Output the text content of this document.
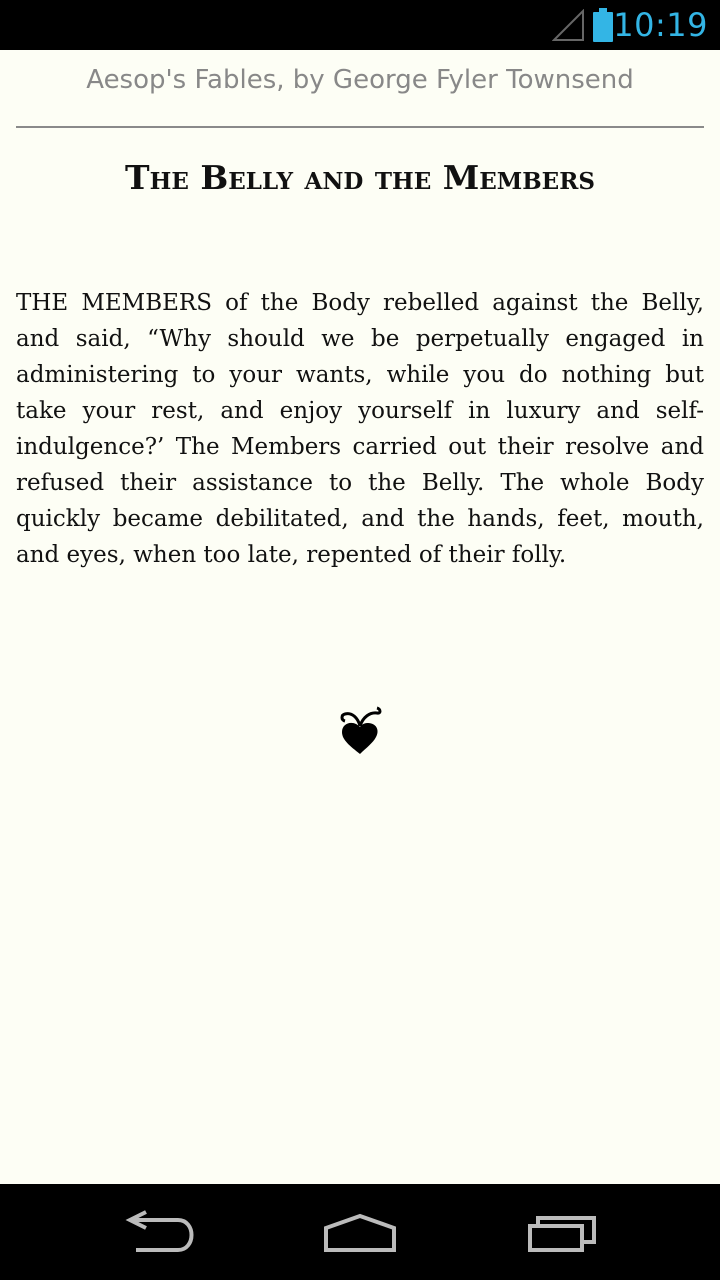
10:19
Aesop's Fables, by George Fyler Townsend
The Belly and the Members

THE MEMBERS of the Body rebelled against the Belly, and said, “Why should we be perpetually engaged in administering to your wants, while you do nothing but take your rest, and enjoy yourself in luxury and self-indulgence?’ The Members carried out their resolve and refused their assistance to the Belly. The whole Body quickly became debilitated, and the hands, feet, mouth, and eyes, when too late, repented of their folly.
